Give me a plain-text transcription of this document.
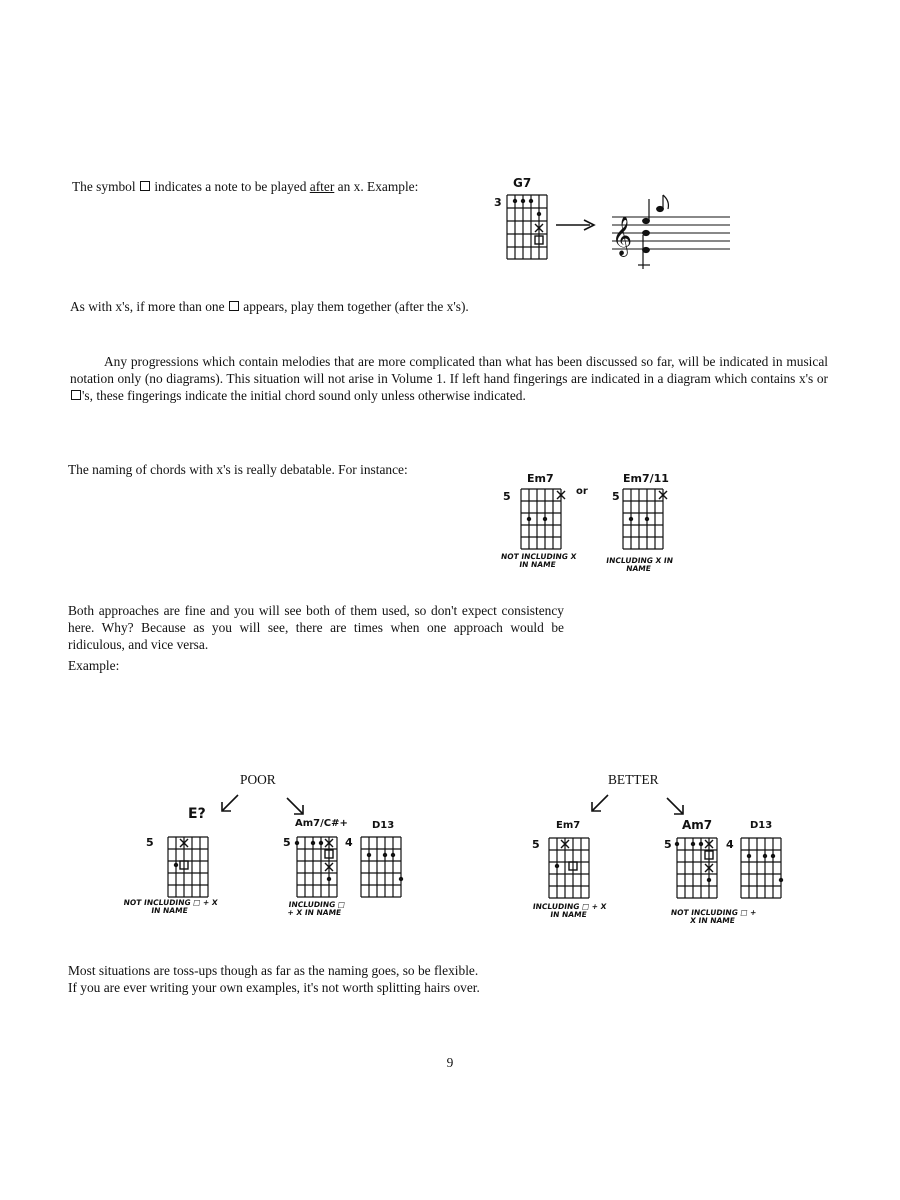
The symbol indicates a note to be played after an x. Example:	G7
3
𝄞

As with x's, if more than one appears, play them together (after the x's).

Any progressions which contain melodies that are more complicated than what has been discussed so far, will be indicated in musical notation only (no diagrams). This situation will not arise in Volume 1. If left hand fingerings are indicated in a diagram which contains x's or 's, these fingerings indicate the initial chord sound only unless otherwise indicated.

The naming of chords with x's is really debatable. For instance:

Em7
5	or
Em7/11
5
NOT INCLUDING X IN NAME	INCLUDING X IN NAME

Both approaches are fine and you will see both of them used, so don't expect consistency here. Why? Because as you will see, there are times when one approach would be ridiculous, and vice versa.

Example:

POOR
E?
5
NOT INCLUDING □ + X IN NAME
Am7/C#+
5	4
INCLUDING □ + X IN NAME
D13
BETTER
Em7
5
INCLUDING □ + X IN NAME
Am7
5	4
NOT INCLUDING □ + X IN NAME
D13

Most situations are toss-ups though as far as the naming goes, so be flexible.

If you are ever writing your own examples, it's not worth splitting hairs over.

9
